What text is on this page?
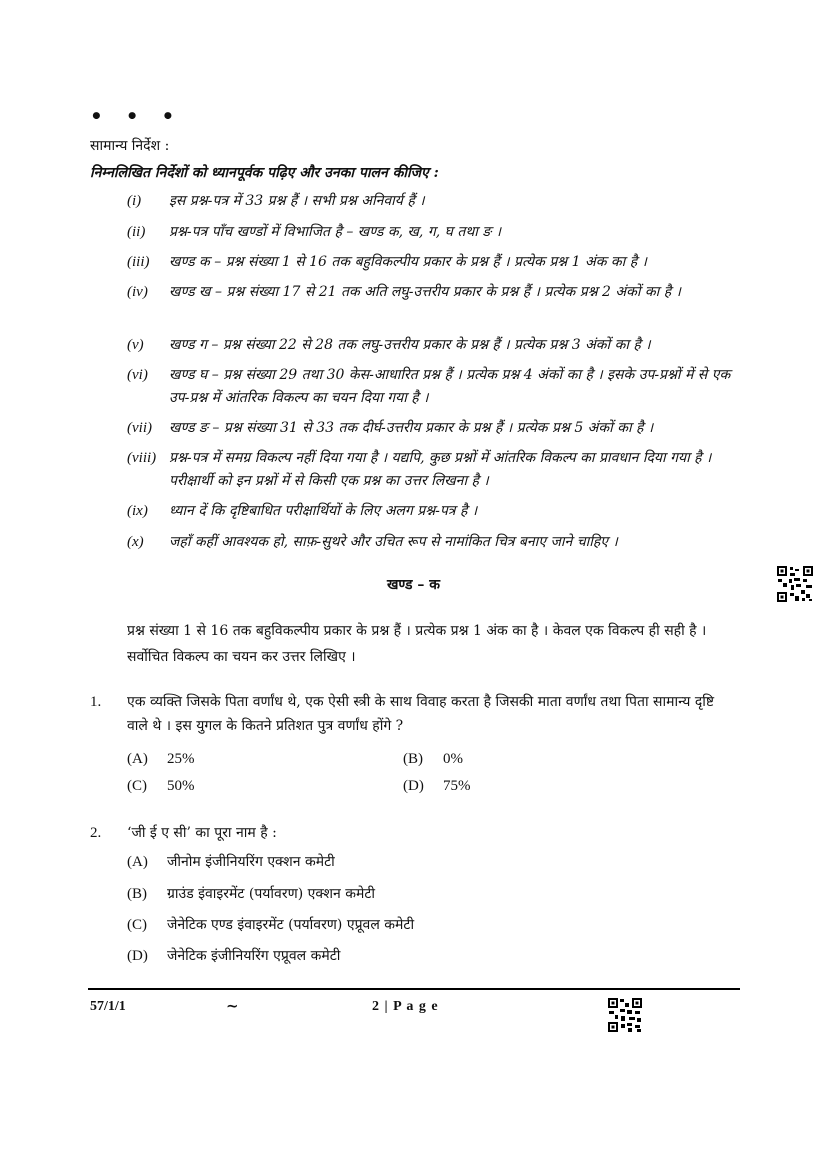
• • •
सामान्य निर्देश :
निम्नलिखित निर्देशों को ध्यानपूर्वक पढ़िए और उनका पालन कीजिए :
(i)	इस प्रश्न-पत्र में 33 प्रश्न हैं । सभी प्रश्न अनिवार्य हैं ।
(ii)	प्रश्न-पत्र पाँच खण्डों में विभाजित है – खण्ड क, ख, ग, घ तथा ङ ।
(iii)	खण्ड क – प्रश्न संख्या 1 से 16 तक बहुविकल्पीय प्रकार के प्रश्न हैं । प्रत्येक प्रश्न 1 अंक का है ।
(iv)	खण्ड ख – प्रश्न संख्या 17 से 21 तक अति लघु-उत्तरीय प्रकार के प्रश्न हैं । प्रत्येक प्रश्न 2 अंकों का है ।
(v)	खण्ड ग – प्रश्न संख्या 22 से 28 तक लघु-उत्तरीय प्रकार के प्रश्न हैं । प्रत्येक प्रश्न 3 अंकों का है ।
(vi)	खण्ड घ – प्रश्न संख्या 29 तथा 30 केस-आधारित प्रश्न हैं । प्रत्येक प्रश्न 4 अंकों का है । इसके उप-प्रश्नों में से एक उप-प्रश्न में आंतरिक विकल्प का चयन दिया गया है ।
(vii)	खण्ड ङ – प्रश्न संख्या 31 से 33 तक दीर्घ-उत्तरीय प्रकार के प्रश्न हैं । प्रत्येक प्रश्न 5 अंकों का है ।
(viii) प्रश्न-पत्र में समग्र विकल्प नहीं दिया गया है । यद्यपि, कुछ प्रश्नों में आंतरिक विकल्प का प्रावधान दिया गया है । परीक्षार्थी को इन प्रश्नों में से किसी एक प्रश्न का उत्तर लिखना है ।
(ix)	ध्यान दें कि दृष्टिबाधित परीक्षार्थियों के लिए अलग प्रश्न-पत्र है ।
(x)	जहाँ कहीं आवश्यक हो, साफ़-सुथरे और उचित रूप से नामांकित चित्र बनाए जाने चाहिए ।
खण्ड – क
प्रश्न संख्या 1 से 16 तक बहुविकल्पीय प्रकार के प्रश्न हैं । प्रत्येक प्रश्न 1 अंक का है । केवल एक विकल्प ही सही है । सर्वोचित विकल्प का चयन कर उत्तर लिखिए ।
1. एक व्यक्ति जिसके पिता वर्णांध थे, एक ऐसी स्त्री के साथ विवाह करता है जिसकी माता वर्णांध तथा पिता सामान्य दृष्टि वाले थे । इस युगल के कितने प्रतिशत पुत्र वर्णांध होंगे ?
(A) 25%	(B) 0%
(C) 50%	(D) 75%
2. ‘जी ई ए सी’ का पूरा नाम है :
(A) जीनोम इंजीनियरिंग एक्शन कमेटी
(B) ग्राउंड इंवाइरमेंट (पर्यावरण) एक्शन कमेटी
(C) जेनेटिक एण्ड इंवाइरमेंट (पर्यावरण) एप्रूवल कमेटी
(D) जेनेटिक इंजीनियरिंग एप्रूवल कमेटी
57/1/1	~	2 | P a g e
